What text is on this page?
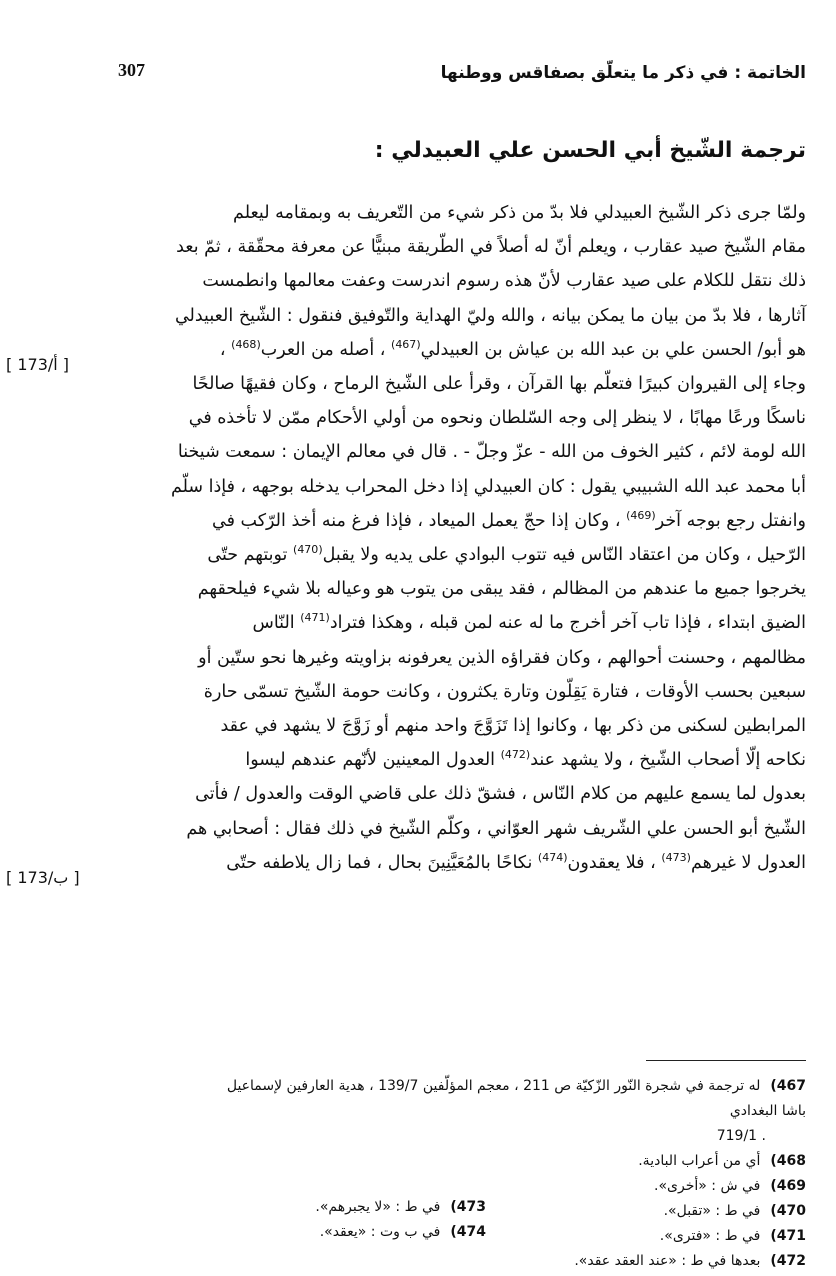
307	الخاتمة : في ذكر ما يتعلّق بصفاقس ووطنها
ترجمة الشّيخ أبي الحسن علي العبيدلي :
ولمّا جرى ذكر الشّيخ العبيدلي فلا بدّ من ذكر شيء من التّعريف به وبمقامه ليعلم
مقام الشّيخ صيد عقارب ، ويعلم أنّ له أصلاً في الطّريقة مبنيًّا عن معرفة محقّقة ، ثمّ بعد
ذلك نتقل للكلام على صيد عقارب لأنّ هذه رسوم اندرست وعفت معالمها وانطمست
آثارها ، فلا بدّ من بيان ما يمكن بيانه ، والله وليّ الهداية والتّوفيق فنقول : الشّيخ العبيدلي
هو أبو/ الحسن علي بن عبد الله بن عياش بن العبيدلي$^{(467)}$ ، أصله من العرب$^{(468)}$ ،
وجاء إلى القيروان كبيرًا فتعلّم بها القرآن ، وقرأ على الشّيخ الرماح ، وكان فقيهًا صالحًا
ناسكًا ورعًا مهابًا ، لا ينظر إلى وجه السّلطان ونحوه من أولي الأحكام ممّن لا تأخذه في
الله لومة لائم ، كثير الخوف من الله - عزّ وجلّ - . قال في معالم الإيمان : سمعت شيخنا
أبا محمد عبد الله الشبيبي يقول : كان العبيدلي إذا دخل المحراب يدخله بوجهه ، فإذا سلّم
وانفتل رجع بوجه آخر$^{(469)}$ ، وكان إذا حجّ يعمل الميعاد ، فإذا فرغ منه أخذ الرّكب في
الرّحيل ، وكان من اعتقاد النّاس فيه تتوب البوادي على يديه ولا يقبل$^{(470)}$ توبتهم حتّى
يخرجوا جميع ما عندهم من المظالم ، فقد يبقى من يتوب هو وعياله بلا شيء فيلحقهم
الضيق ابتداء ، فإذا تاب آخر أخرج ما له عنه لمن قبله ، وهكذا فتراد$^{(471)}$ النّاس
مظالمهم ، وحسنت أحوالهم ، وكان فقراؤه الذين يعرفونه بزاويته وغيرها نحو ستّين أو
سبعين بحسب الأوقات ، فتارة يَقِلّون وتارة يكثرون ، وكانت حومة الشّيخ تسمّى حارة
المرابطين لسكنى من ذكر بها ، وكانوا إذا تَزَوَّجَ واحد منهم أو زَوَّجَ لا يشهد في عقد
نكاحه إلّا أصحاب الشّيخ ، ولا يشهد عند$^{(472)}$ العدول المعينين لأنّهم عندهم ليسوا
بعدول لما يسمع عليهم من كلام النّاس ، فشقّ ذلك على قاضي الوقت والعدول / فأتى
الشّيخ أبو الحسن علي الشّريف شهر العوّاني ، وكلّم الشّيخ في ذلك فقال : أصحابي هم
العدول لا غيرهم$^{(473)}$ ، فلا يعقدون$^{(474)}$ نكاحًا بالمُعَيَّنِينَ بحال ، فما زال يلاطفه حتّى
[ 173/أ ]
[ 173/ب ]
467)له ترجمة في شجرة النّور الزّكيّة ص 211 ، معجم المؤلّفين 139/7 ، هدية العارفين لإسماعيل باشا البغدادي
. 719/1
468)أي من أعراب البادية.
469)في ش : «أخرى».
470)في ط : «تقبل».
471)في ط : «فترى».
472)بعدها في ط : «عند العقد عقد».
473)في ط : «لا يجبرهم».
474)في ب وت : «يعقد».
